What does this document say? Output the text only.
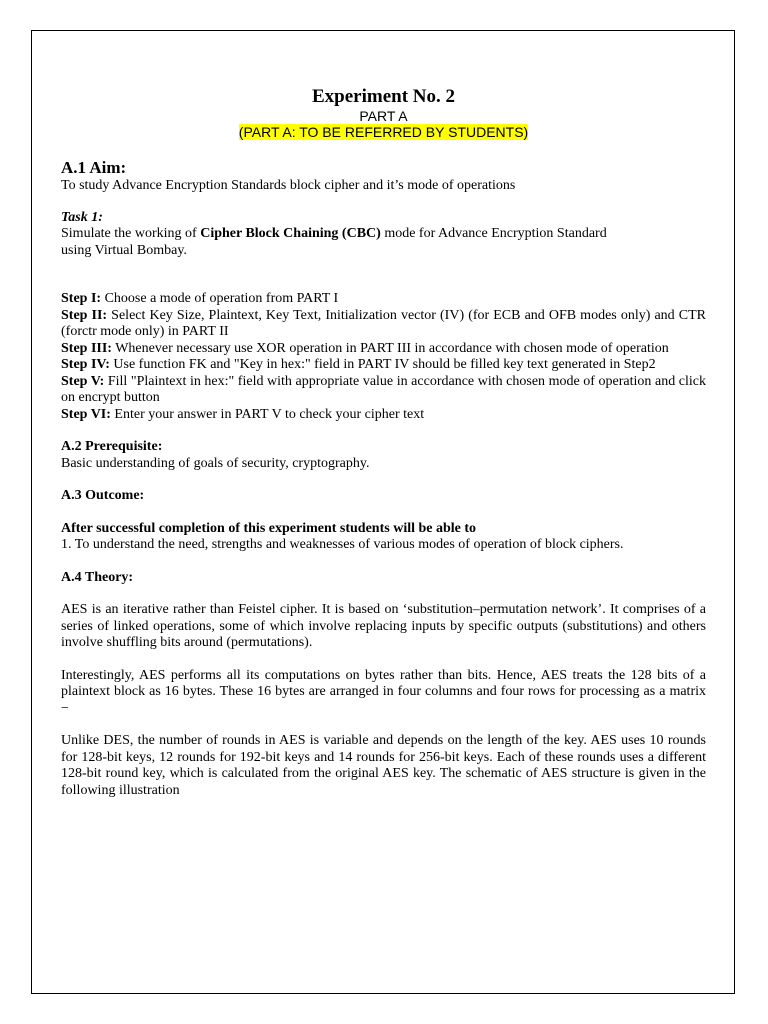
Experiment No. 2
PART A
(PART A: TO BE REFERRED BY STUDENTS)
A.1 Aim:

To study Advance Encryption Standards block cipher and it’s mode of operations

Task 1:

Simulate the working of Cipher Block Chaining (CBC) mode for Advance Encryption Standard

using Virtual Bombay.

Step I: Choose a mode of operation from PART I

Step II: Select Key Size, Plaintext, Key Text, Initialization vector (IV) (for ECB and OFB modes only) and CTR (forctr mode only) in PART II

Step III: Whenever necessary use XOR operation in PART III in accordance with chosen mode of operation

Step IV: Use function FK and "Key in hex:" field in PART IV should be filled key text generated in Step2

Step V: Fill "Plaintext in hex:" field with appropriate value in accordance with chosen mode of operation and click on encrypt button

Step VI: Enter your answer in PART V to check your cipher text

A.2 Prerequisite:

Basic understanding of goals of security, cryptography.

A.3 Outcome:

After successful completion of this experiment students will be able to

1. To understand the need, strengths and weaknesses of various modes of operation of block ciphers.

A.4 Theory:

AES is an iterative rather than Feistel cipher. It is based on ‘substitution–permutation network’. It comprises of a series of linked operations, some of which involve replacing inputs by specific outputs (substitutions) and others involve shuffling bits around (permutations).

Interestingly, AES performs all its computations on bytes rather than bits. Hence, AES treats the 128 bits of a plaintext block as 16 bytes. These 16 bytes are arranged in four columns and four rows for processing as a matrix −

Unlike DES, the number of rounds in AES is variable and depends on the length of the key. AES uses 10 rounds for 128-bit keys, 12 rounds for 192-bit keys and 14 rounds for 256-bit keys. Each of these rounds uses a different 128-bit round key, which is calculated from the original AES key. The schematic of AES structure is given in the following illustration
